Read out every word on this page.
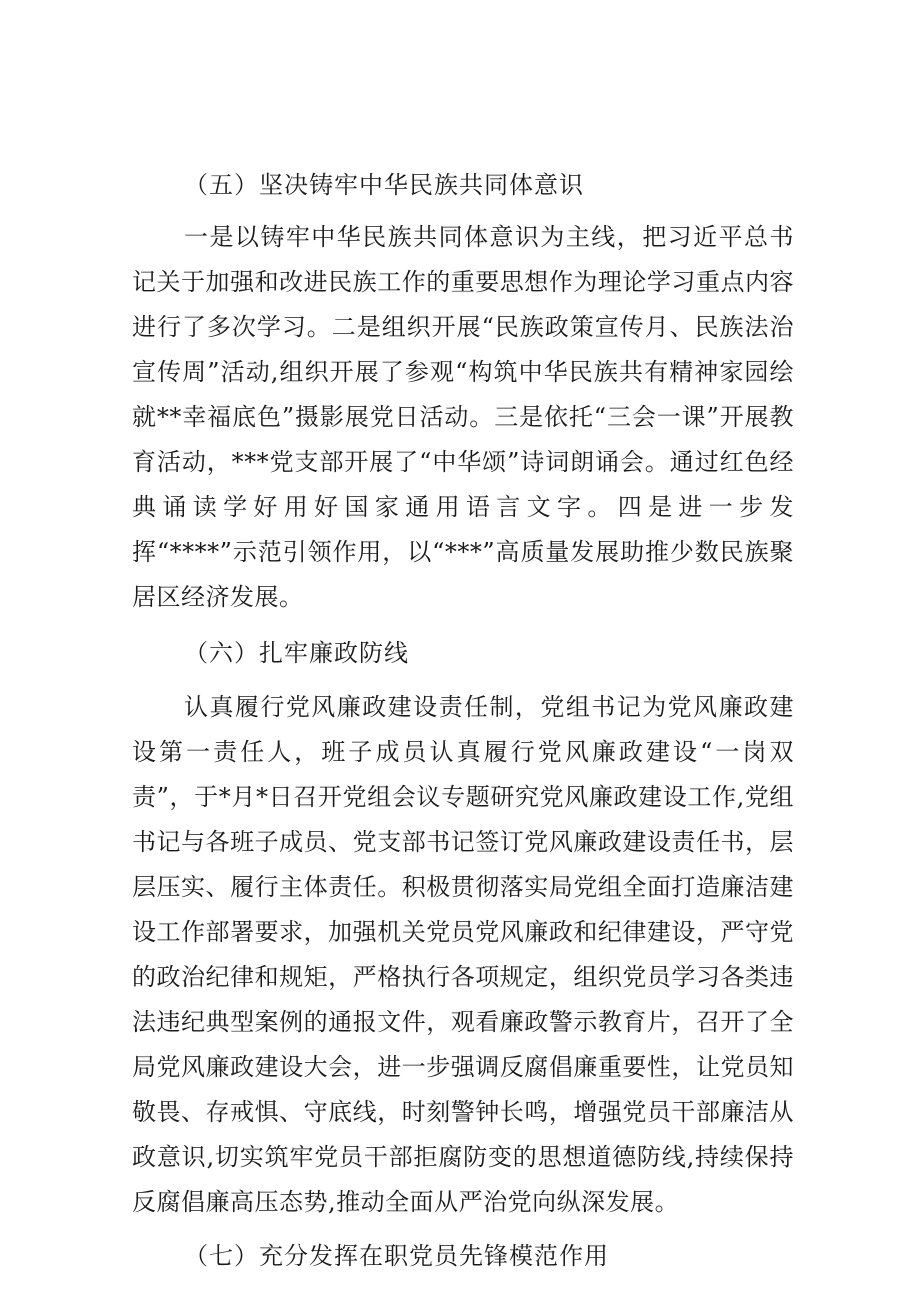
（五）坚决铸牢中华民族共同体意识

一是以铸牢中华民族共同体意识为主线，把习近平总书记关于加强和改进民族工作的重要思想作为理论学习重点内容进行了多次学习。二是组织开展“民族政策宣传月、民族法治宣传周”活动,组织开展了参观“构筑中华民族共有精神家园绘就**幸福底色”摄影展党日活动。三是依托“三会一课”开展教育活动，***党支部开展了“中华颂”诗词朗诵会。通过红色经典诵读学好用好国家通用语言文字。四是进一步发挥“****”示范引领作用，以“***”高质量发展助推少数民族聚居区经济发展。

（六）扎牢廉政防线

认真履行党风廉政建设责任制，党组书记为党风廉政建设第一责任人，班子成员认真履行党风廉政建设“一岗双责”，于*月*日召开党组会议专题研究党风廉政建设工作,党组书记与各班子成员、党支部书记签订党风廉政建设责任书，层层压实、履行主体责任。积极贯彻落实局党组全面打造廉洁建设工作部署要求，加强机关党员党风廉政和纪律建设，严守党的政治纪律和规矩，严格执行各项规定，组织党员学习各类违法违纪典型案例的通报文件，观看廉政警示教育片，召开了全局党风廉政建设大会，进一步强调反腐倡廉重要性，让党员知敬畏、存戒惧、守底线，时刻警钟长鸣，增强党员干部廉洁从政意识,切实筑牢党员干部拒腐防变的思想道德防线,持续保持反腐倡廉高压态势,推动全面从严治党向纵深发展。

（七）充分发挥在职党员先锋模范作用
